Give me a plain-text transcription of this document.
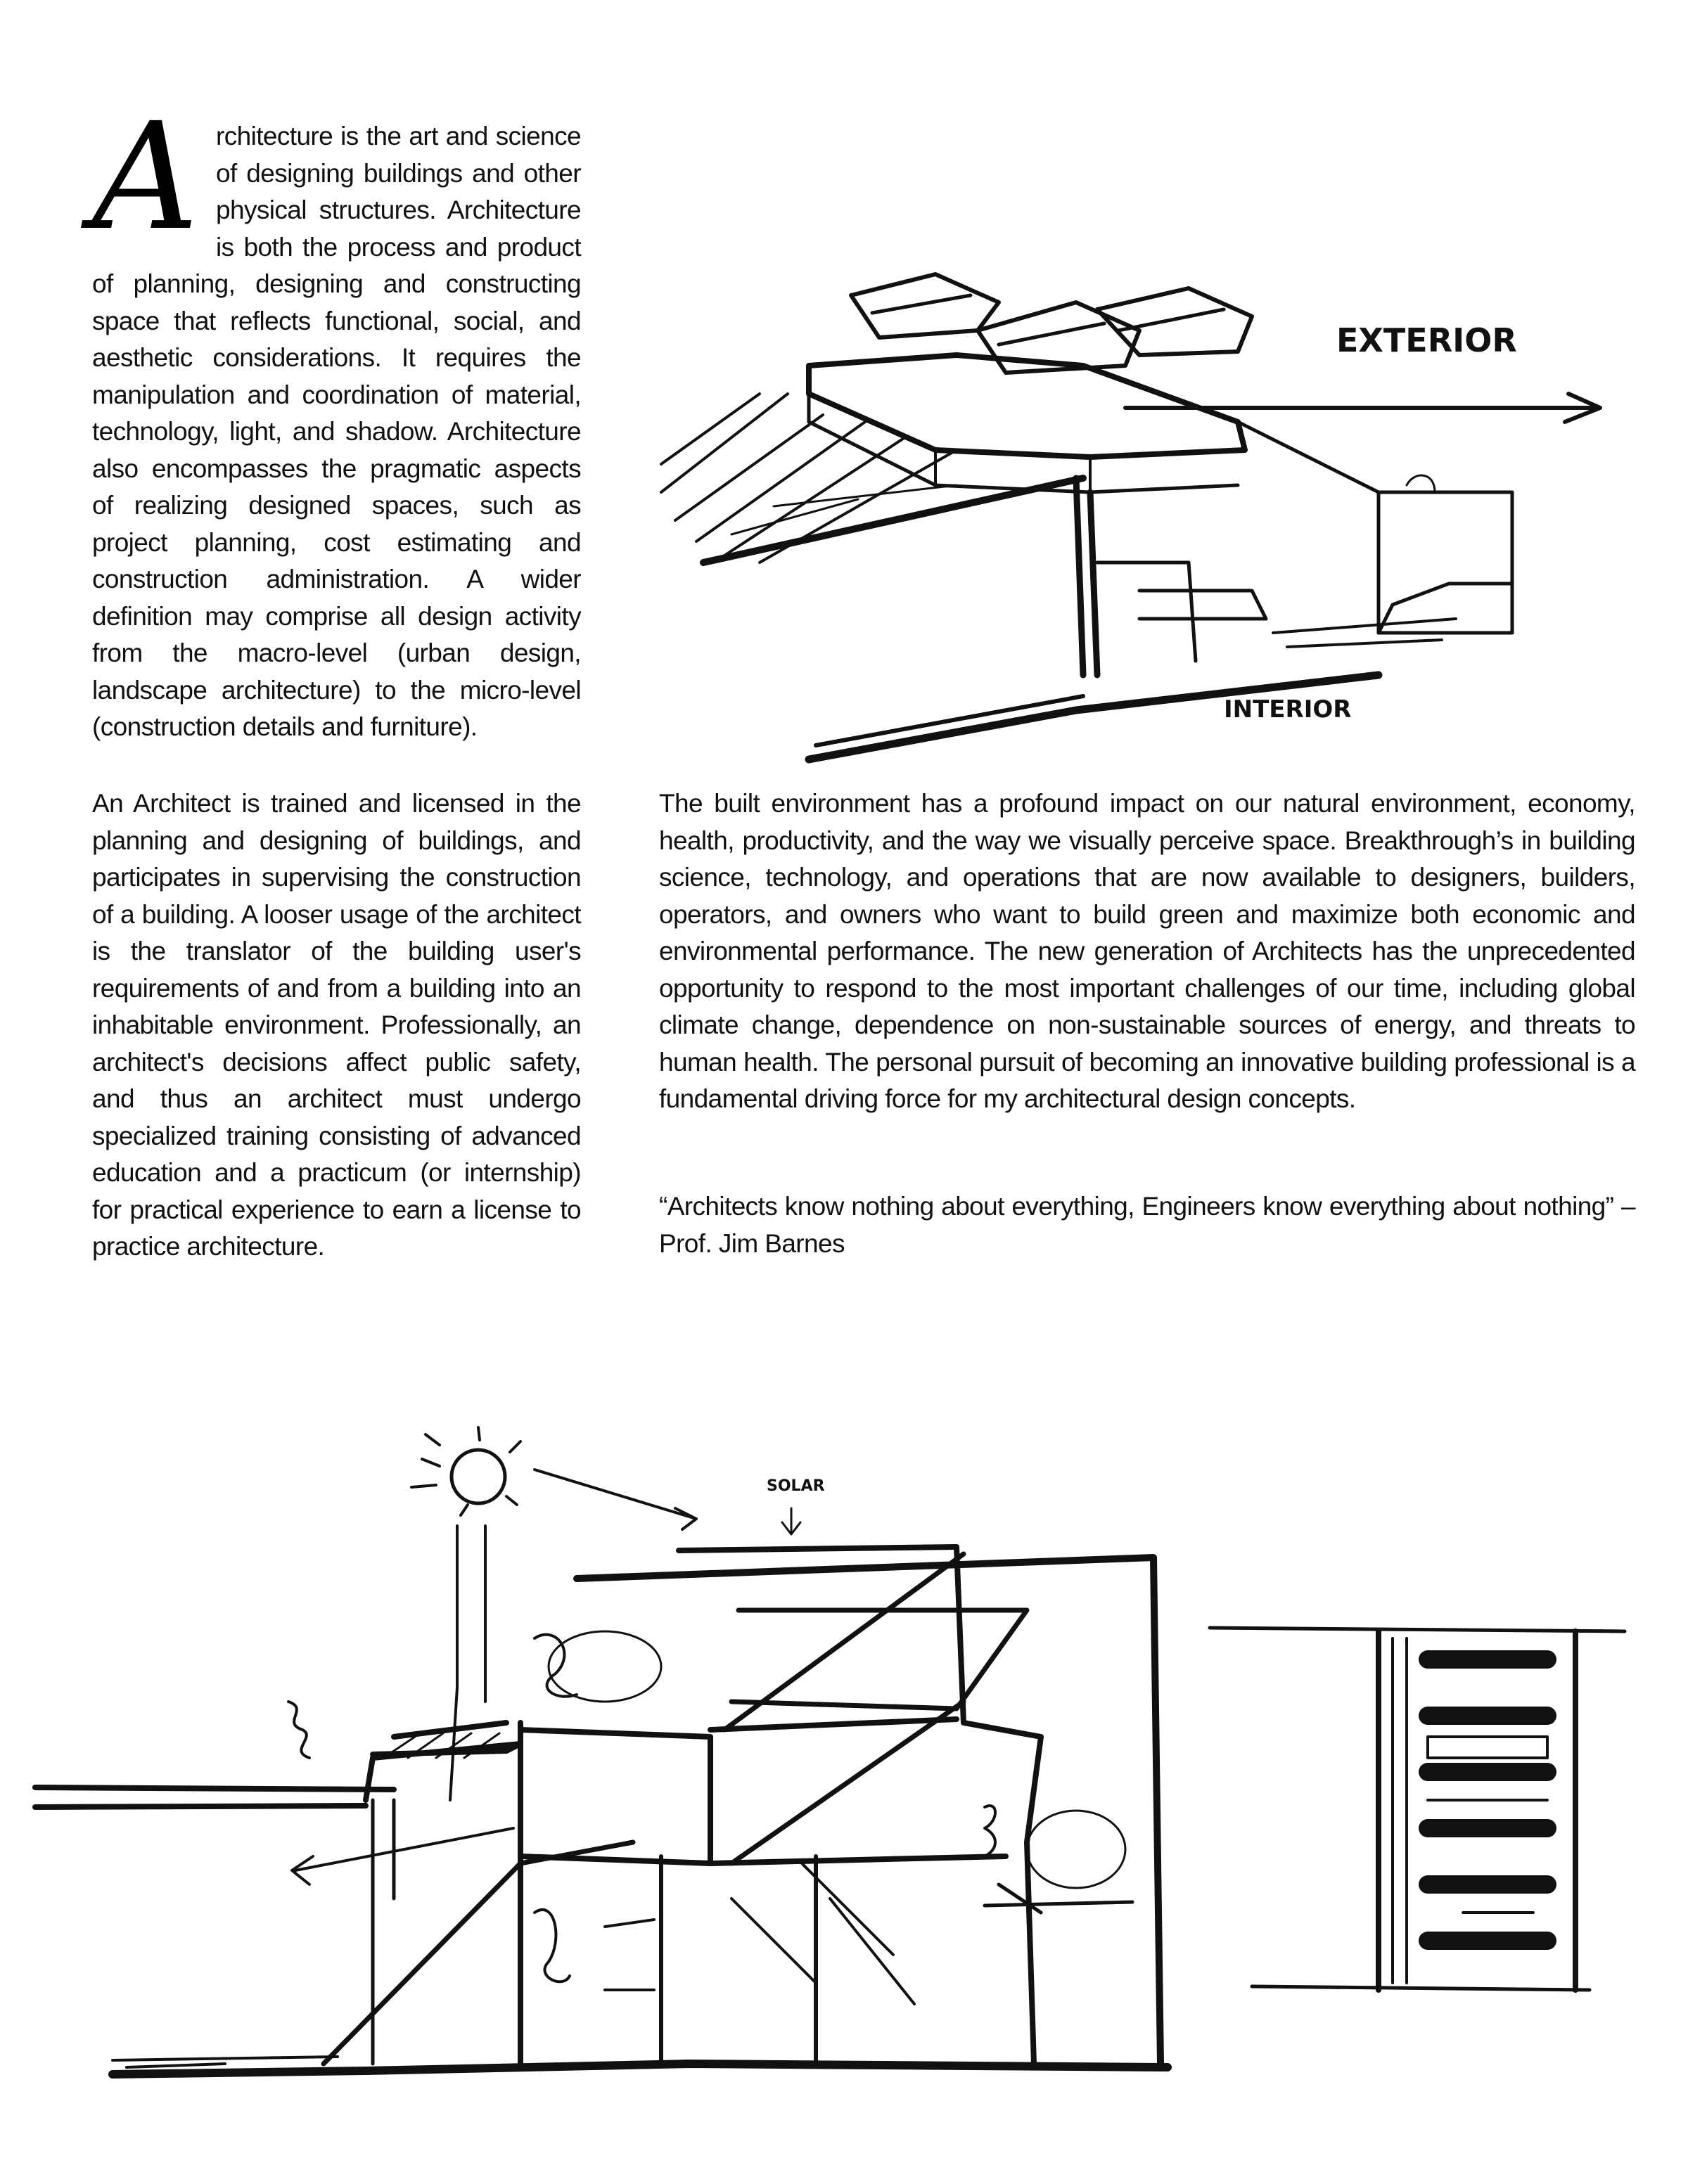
Architecture is the art and science of designing buildings and other physical structures. Architecture is both the process and product of planning, designing and constructing space that reflects functional, social, and aesthetic considerations. It requires the manipulation and coordination of material, technology, light, and shadow. Architecture also encompasses the pragmatic aspects of realizing designed spaces, such as project planning, cost estimating and construction administration. A wider definition may comprise all design activity from the macro-level (urban design, landscape architecture) to the micro-level (construction details and furniture).

An Architect is trained and licensed in the planning and designing of buildings, and participates in supervising the construction of a building. A looser usage of the architect is the translator of the building user's requirements of and from a building into an inhabitable environment. Professionally, an architect's decisions affect public safety, and thus an architect must undergo specialized training consisting of advanced education and a practicum (or internship) for practical experience to earn a license to practice architecture.

The built environment has a profound impact on our natural environment, economy, health, productivity, and the way we visually perceive space. Breakthrough’s in building science, technology, and operations that are now available to designers, builders, operators, and owners who want to build green and maximize both economic and environmental performance. The new generation of Architects has the unprecedented opportunity to respond to the most important challenges of our time, including global climate change, dependence on non-sustainable sources of energy, and threats to human health. The personal pursuit of becoming an innovative building professional is a fundamental driving force for my architectural design concepts.

“Architects know nothing about everything, Engineers know everything about nothing” –Prof. Jim Barnes

EXTERIOR
INTERIOR
SOLAR
